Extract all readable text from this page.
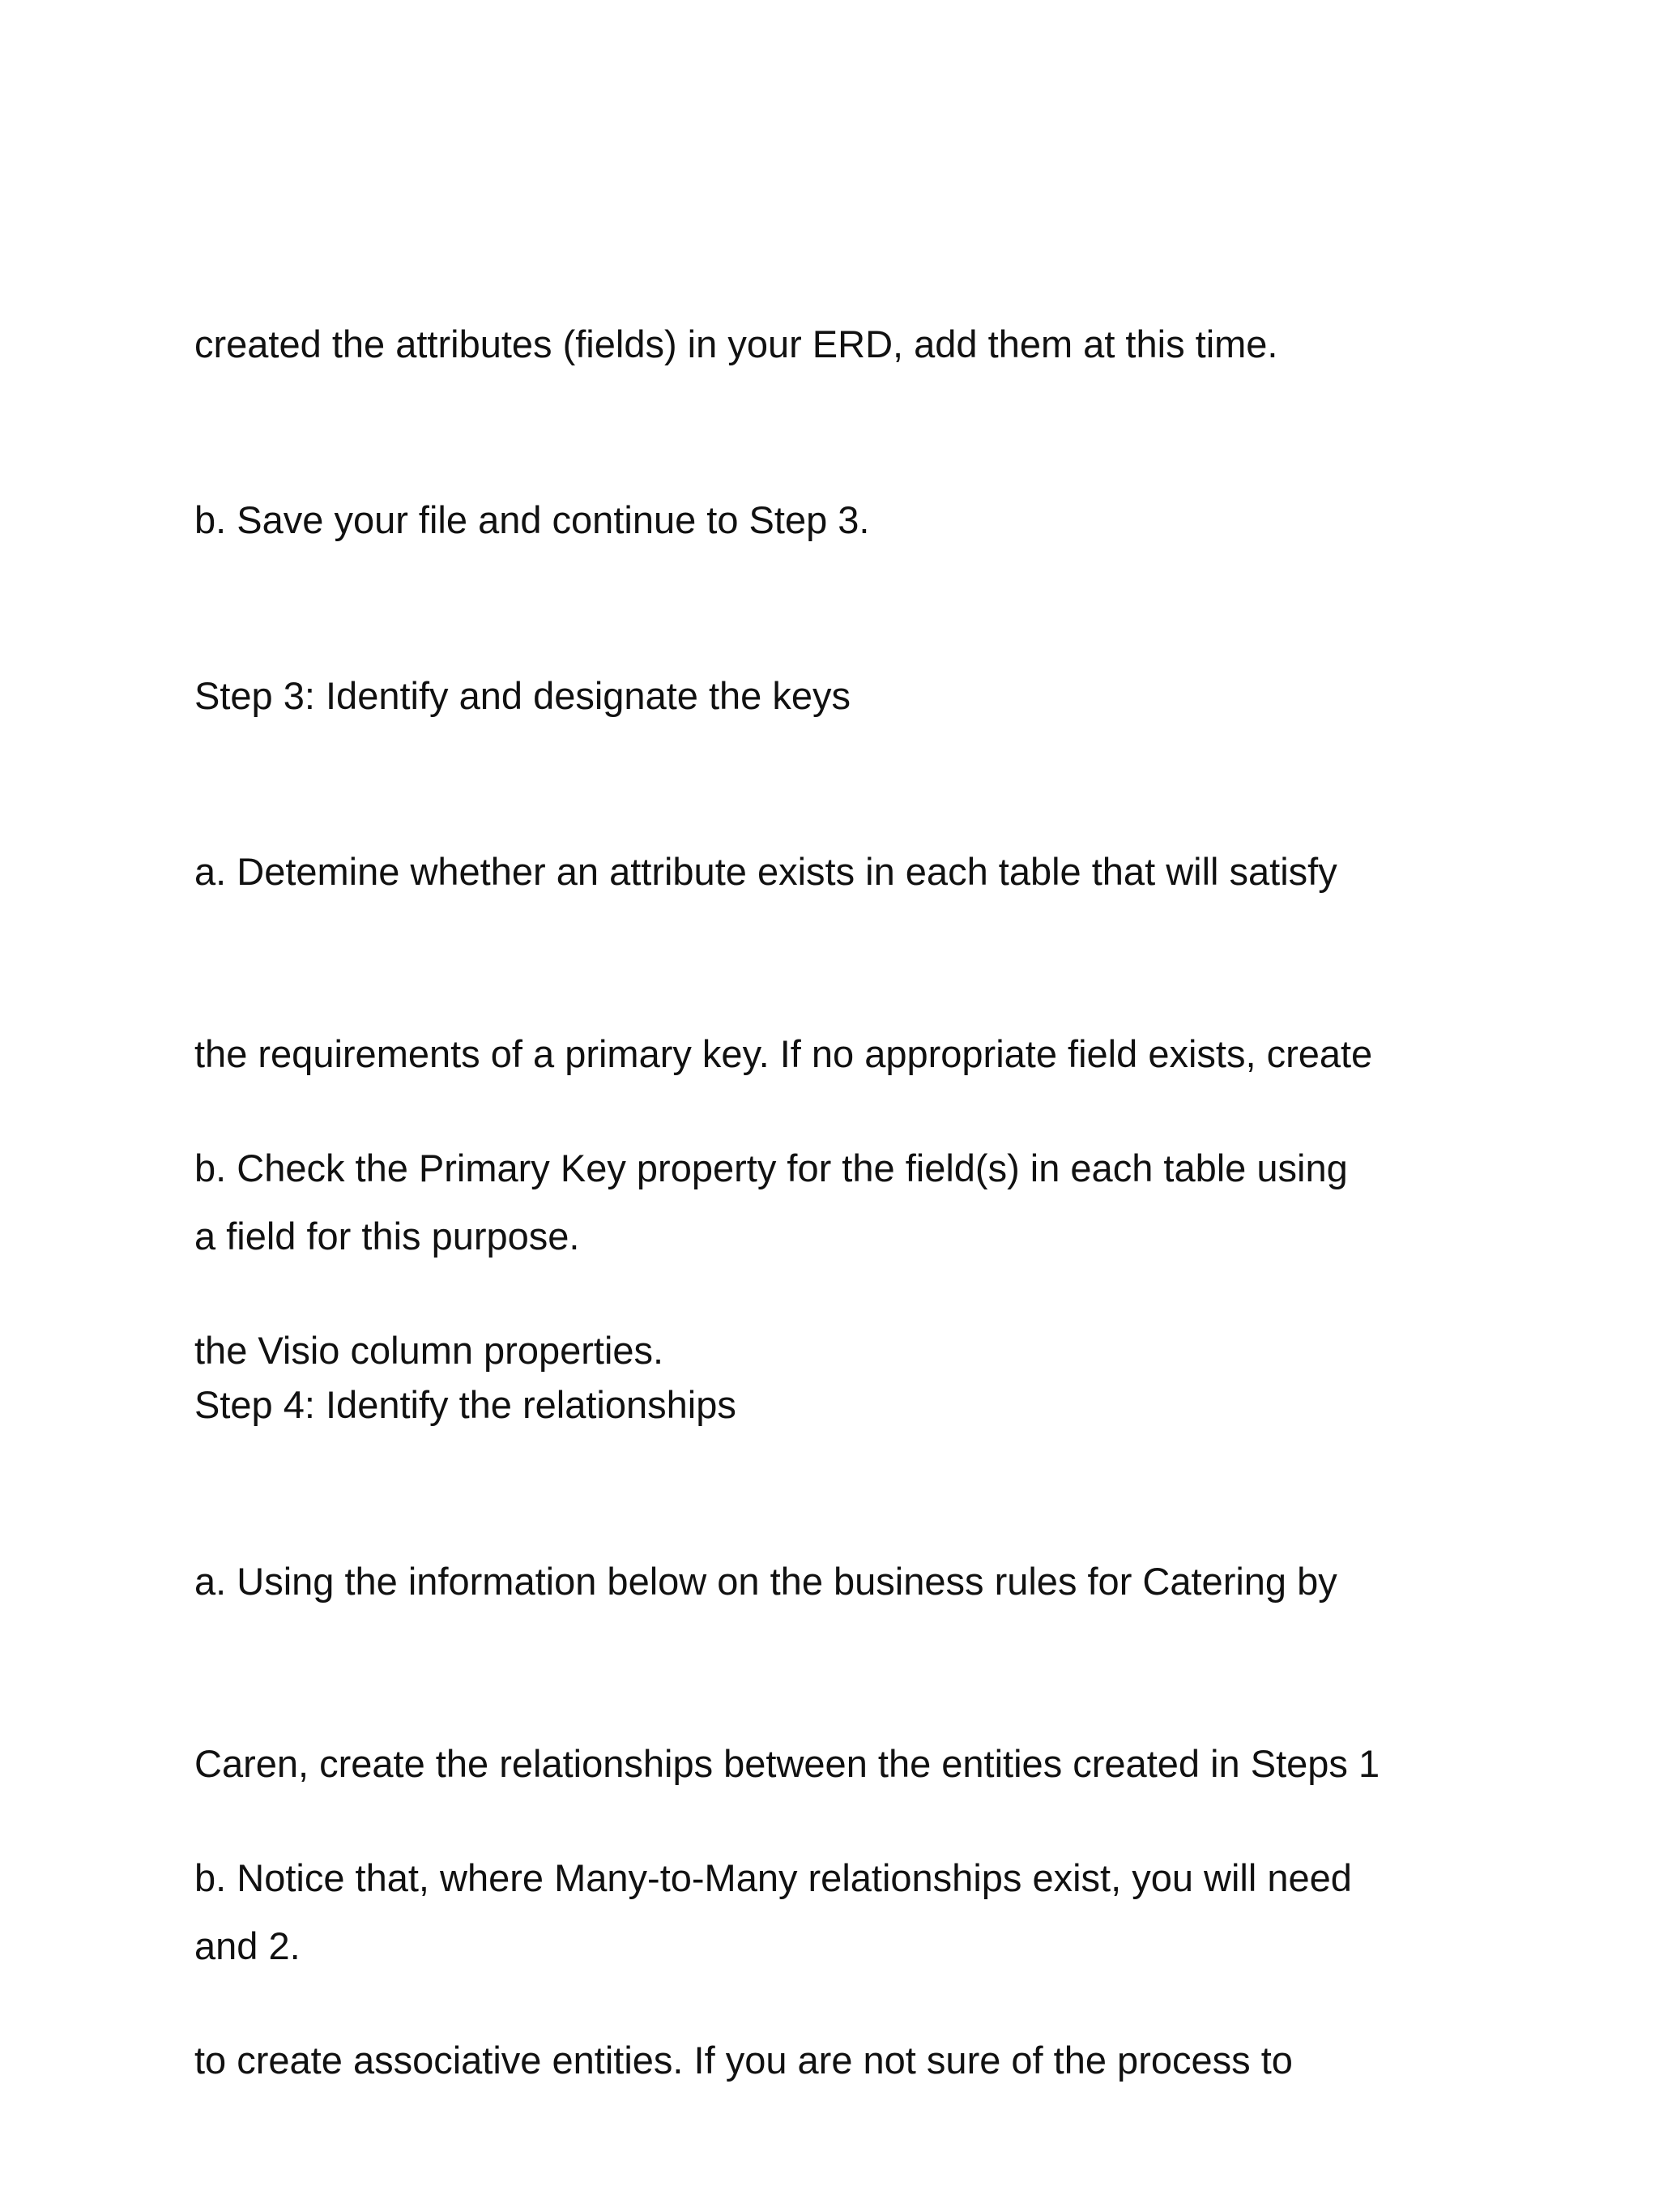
created the attributes (fields) in your ERD, add them at this time.

b. Save your file and continue to Step 3.

Step 3: Identify and designate the keys

a. Detemine whether an attribute exists in each table that will satisfy

the requirements of a primary key. If no appropriate field exists, create

a field for this purpose.

b. Check the Primary Key property for the field(s) in each table using

the Visio column properties.

Step 4: Identify the relationships

a. Using the information below on the business rules for Catering by

Caren, create the relationships between the entities created in Steps 1

and 2.

b. Notice that, where Many-to-Many relationships exist, you will need

to create associative entities. If you are not sure of the process to
